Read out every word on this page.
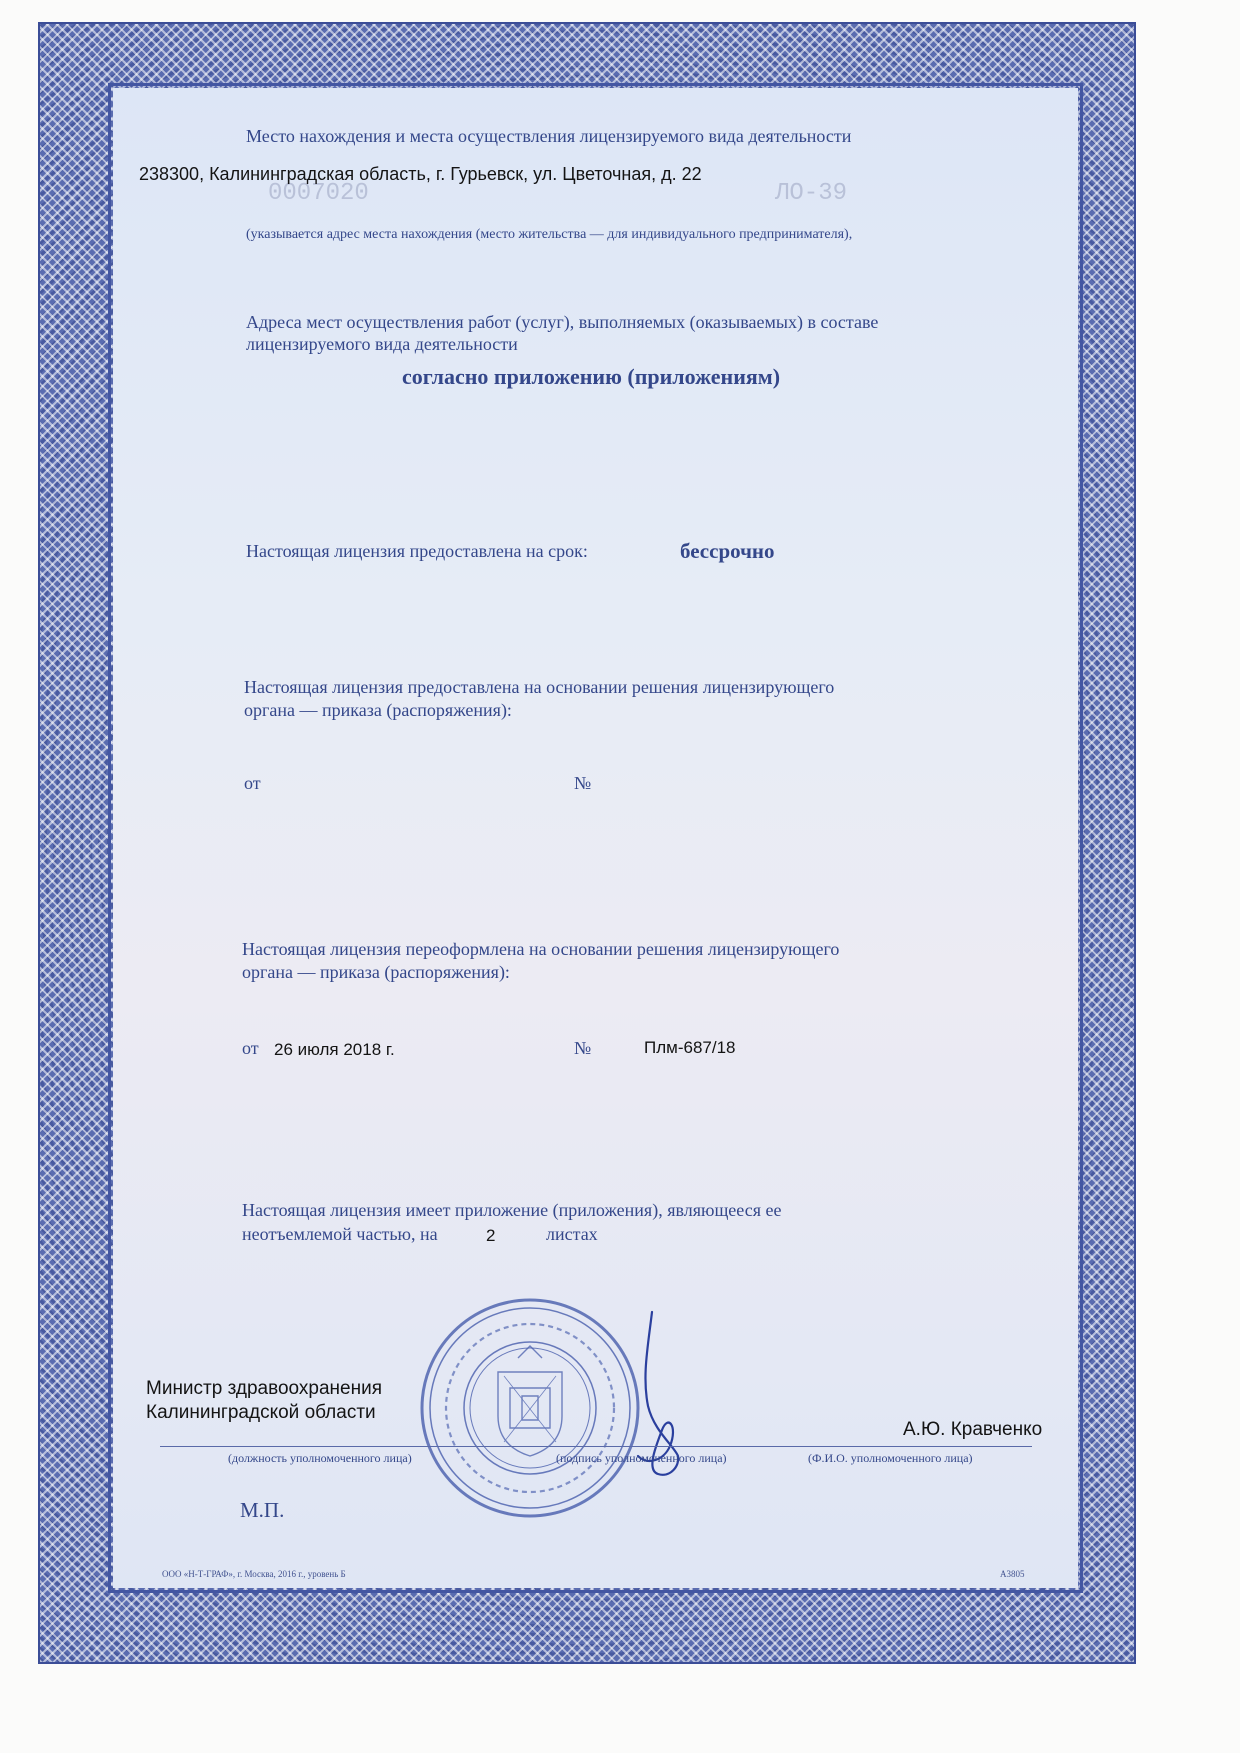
0007020	ЛО-39
Место нахождения и места осуществления лицензируемого вида деятельности
238300, Калининградская область, г. Гурьевск, ул. Цветочная, д. 22
(указывается адрес места нахождения (место жительства — для индивидуального предпринимателя),
Адреса мест осуществления работ (услуг), выполняемых (оказываемых) в составе
лицензируемого вида деятельности
согласно приложению (приложениям)
Настоящая лицензия предоставлена на срок:	бессрочно
Настоящая лицензия предоставлена на основании решения лицензирующего
органа — приказа (распоряжения):
от	№
Настоящая лицензия переоформлена на основании решения лицензирующего
органа — приказа (распоряжения):
от 26 июля 2018 г.	№	Плм-687/18
Настоящая лицензия имеет приложение (приложения), являющееся ее
неотъемлемой частью, на	2	листах
Министр здравоохранения
Калининградской области
А.Ю. Кравченко
(должность уполномоченного лица)	(подпись уполномоченного лица)	(Ф.И.О. уполномоченного лица)
М.П.
ООО «Н-Т-ГРАФ», г. Москва, 2016 г., уровень Б	А3805
